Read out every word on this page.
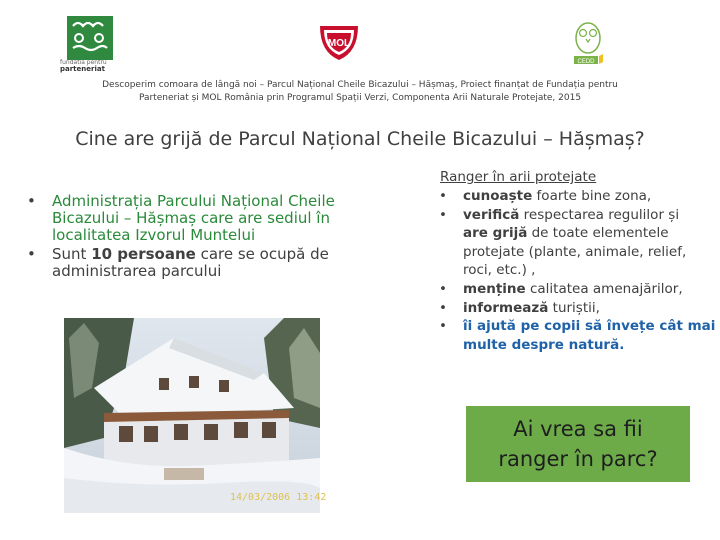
fundatia pentru
parteneriat
MOL
CEDD
Descoperim comoara de lângă noi – Parcul Național Cheile Bicazului – Hășmaș, Proiect finanțat de Fundația pentru
Parteneriat și MOL România prin Programul Spații Verzi, Componenta Arii Naturale Protejate, 2015
Cine are grijă de Parcul Național Cheile Bicazului – Hășmaș?
• Administrația Parcului Național Cheile Bicazului – Hășmaș care are sediul în localitatea Izvorul Muntelui
• Sunt 10 persoane care se ocupă de administrarea parcului
14/03/2006 13:42
Ranger în arii protejate
• cunoaște foarte bine zona,
• verifică respectarea regulilor și
are grijă de toate elementele protejate (plante, animale, relief, roci, etc.) ,
• menține calitatea amenajărilor,
• informează turiștii,
• îi ajută pe copii să învețe cât mai multe despre natură.
Ai vrea sa fii
ranger în parc?
